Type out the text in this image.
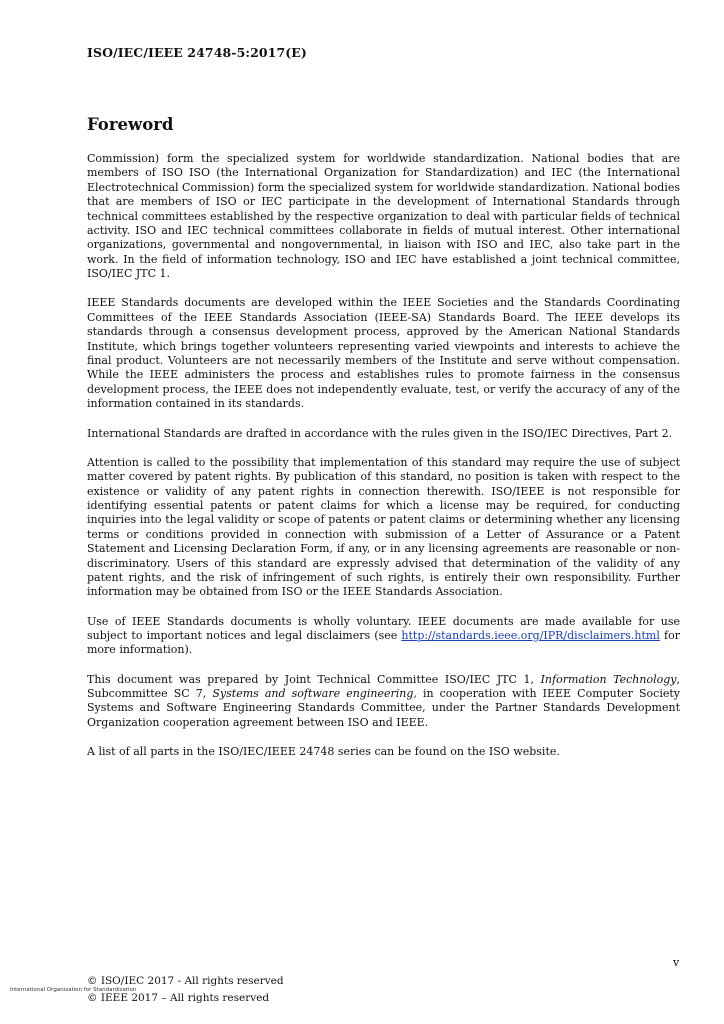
ISO/IEC/IEEE 24748-5:2017(E)
Foreword

Commission) form the specialized system for worldwide standardization. National bodies that are members of ISO ISO (the International Organization for Standardization) and IEC (the International Electrotechnical Commission) form the specialized system for worldwide standardization. National bodies that are members of ISO or IEC participate in the development of International Standards through technical committees established by the respective organization to deal with particular fields of technical activity. ISO and IEC technical committees collaborate in fields of mutual interest. Other international organizations, governmental and nongovernmental, in liaison with ISO and IEC, also take part in the work. In the field of information technology, ISO and IEC have established a joint technical committee, ISO/IEC JTC 1.

IEEE Standards documents are developed within the IEEE Societies and the Standards Coordinating Committees of the IEEE Standards Association (IEEE-SA) Standards Board. The IEEE develops its standards through a consensus development process, approved by the American National Standards Institute, which brings together volunteers representing varied viewpoints and interests to achieve the final product. Volunteers are not necessarily members of the Institute and serve without compensation. While the IEEE administers the process and establishes rules to promote fairness in the consensus development process, the IEEE does not independently evaluate, test, or verify the accuracy of any of the information contained in its standards.

International Standards are drafted in accordance with the rules given in the ISO/IEC Directives, Part 2.

Attention is called to the possibility that implementation of this standard may require the use of subject matter covered by patent rights. By publication of this standard, no position is taken with respect to the existence or validity of any patent rights in connection therewith. ISO/IEEE is not responsible for identifying essential patents or patent claims for which a license may be required, for conducting inquiries into the legal validity or scope of patents or patent claims or determining whether any licensing terms or conditions provided in connection with submission of a Letter of Assurance or a Patent Statement and Licensing Declaration Form, if any, or in any licensing agreements are reasonable or non-discriminatory. Users of this standard are expressly advised that determination of the validity of any patent rights, and the risk of infringement of such rights, is entirely their own responsibility. Further information may be obtained from ISO or the IEEE Standards Association.

Use of IEEE Standards documents is wholly voluntary. IEEE documents are made available for use subject to important notices and legal disclaimers (see http://standards.ieee.org/IPR/disclaimers.html for more information).

This document was prepared by Joint Technical Committee ISO/IEC JTC 1, Information Technology, Subcommittee SC 7, Systems and software engineering, in cooperation with IEEE Computer Society Systems and Software Engineering Standards Committee, under the Partner Standards Development Organization cooperation agreement between ISO and IEEE.

A list of all parts in the ISO/IEC/IEEE 24748 series can be found on the ISO website.

v
© ISO/IEC 2017 - All rights reserved
© IEEE 2017 – All rights reserved
International Organization for Standardization
